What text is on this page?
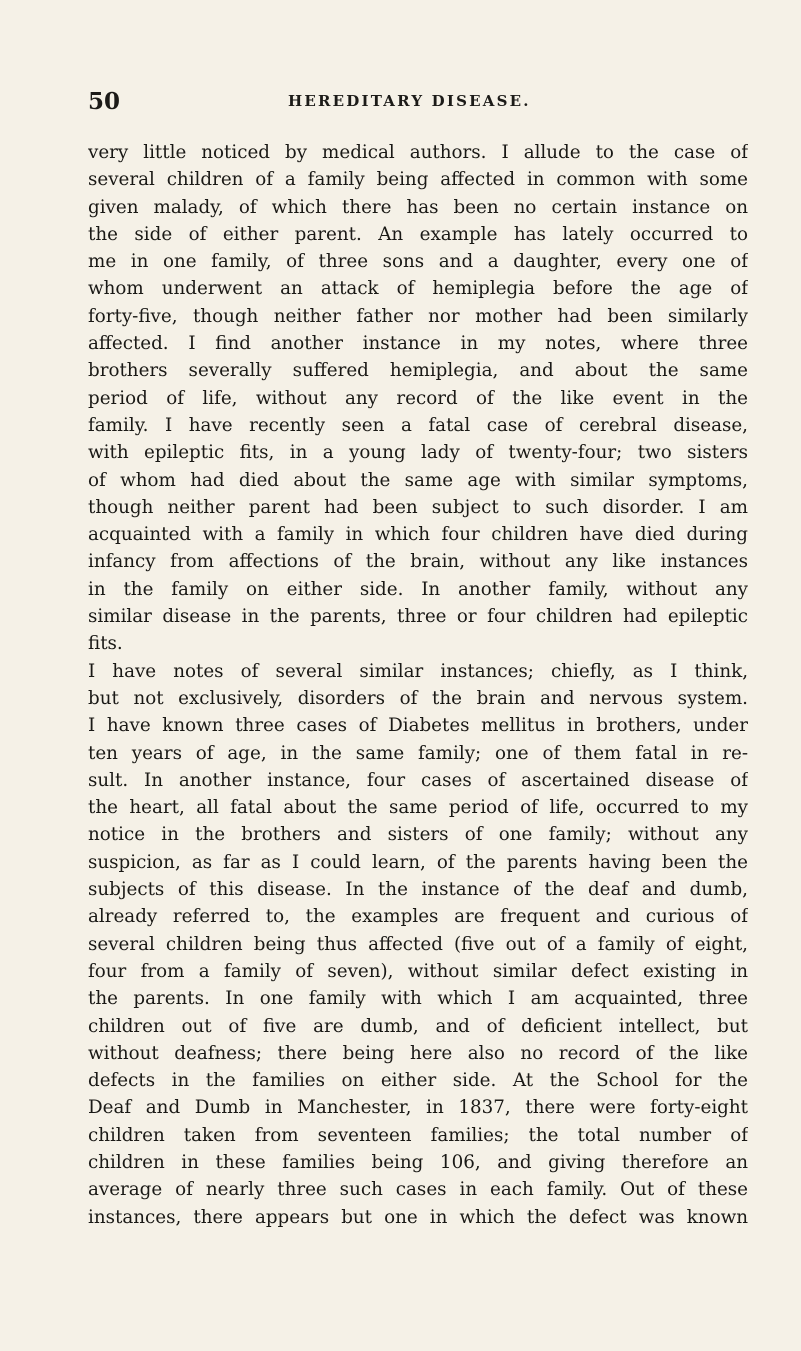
50	HEREDITARY DISEASE.
very little noticed by medical authors. I allude to the case of
several children of a family being affected in common with some
given malady, of which there has been no certain instance on
the side of either parent. An example has lately occurred to
me in one family, of three sons and a daughter, every one of
whom underwent an attack of hemiplegia before the age of
forty-five, though neither father nor mother had been similarly
affected. I find another instance in my notes, where three
brothers severally suffered hemiplegia, and about the same
period of life, without any record of the like event in the
family. I have recently seen a fatal case of cerebral disease,
with epileptic fits, in a young lady of twenty-four; two sisters
of whom had died about the same age with similar symptoms,
though neither parent had been subject to such disorder. I am
acquainted with a family in which four children have died during
infancy from affections of the brain, without any like instances
in the family on either side. In another family, without any
similar disease in the parents, three or four children had epileptic
fits.
I have notes of several similar instances; chiefly, as I think,
but not exclusively, disorders of the brain and nervous system.
I have known three cases of Diabetes mellitus in brothers, under
ten years of age, in the same family; one of them fatal in re-
sult. In another instance, four cases of ascertained disease of
the heart, all fatal about the same period of life, occurred to my
notice in the brothers and sisters of one family; without any
suspicion, as far as I could learn, of the parents having been the
subjects of this disease. In the instance of the deaf and dumb,
already referred to, the examples are frequent and curious of
several children being thus affected (five out of a family of eight,
four from a family of seven), without similar defect existing in
the parents. In one family with which I am acquainted, three
children out of five are dumb, and of deficient intellect, but
without deafness; there being here also no record of the like
defects in the families on either side. At the School for the
Deaf and Dumb in Manchester, in 1837, there were forty-eight
children taken from seventeen families; the total number of
children in these families being 106, and giving therefore an
average of nearly three such cases in each family. Out of these
instances, there appears but one in which the defect was known
